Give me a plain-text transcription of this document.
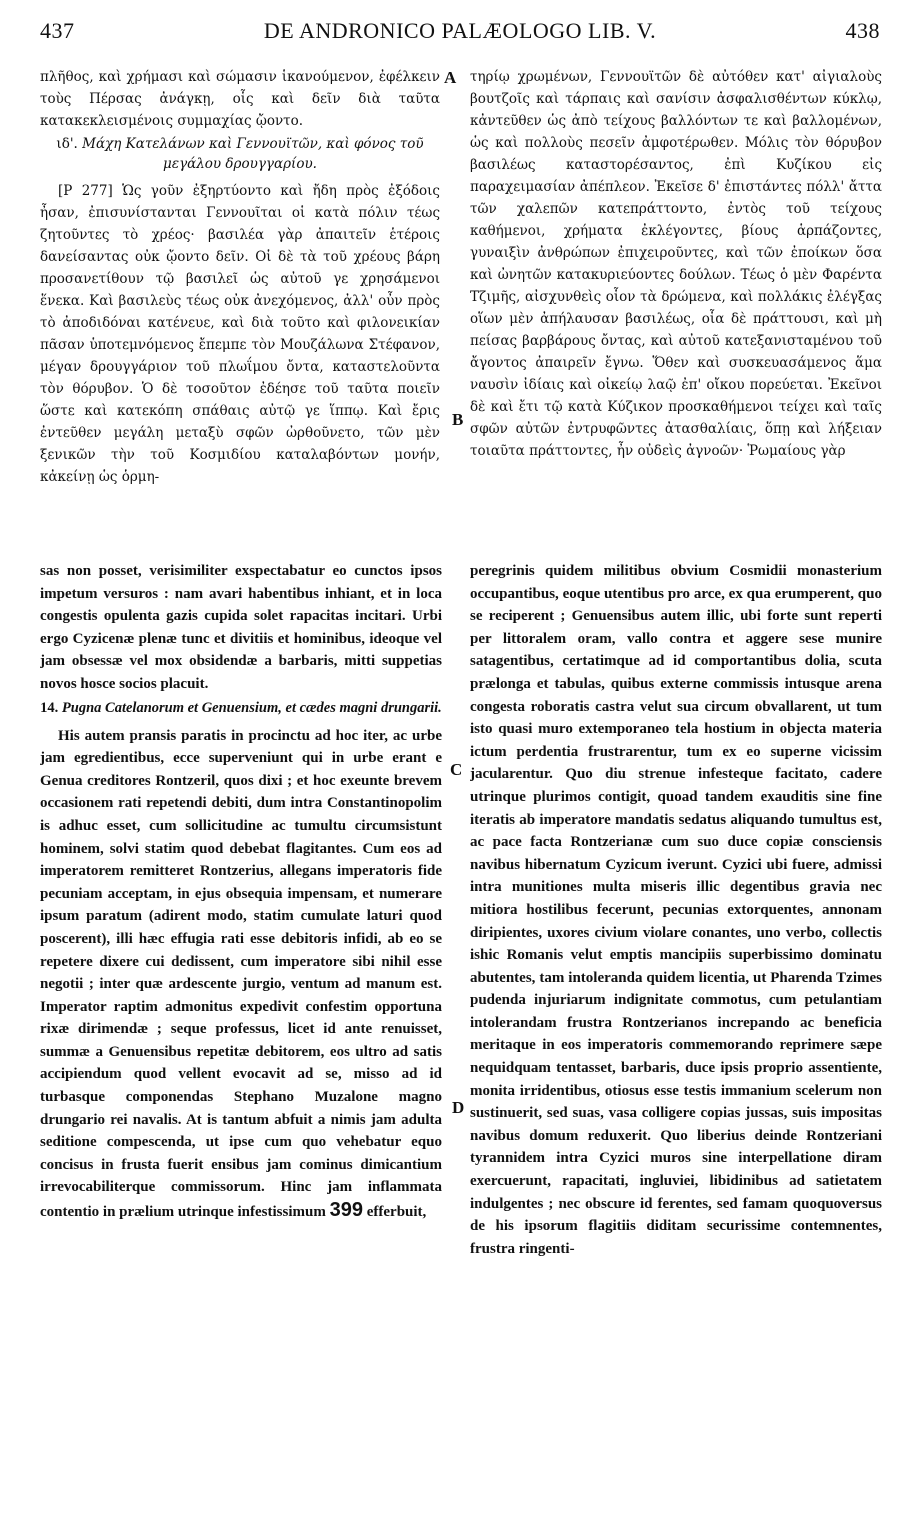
437	DE ANDRONICO PALÆOLOGO LIB. V.	438
A
B
C
D

πλῆθος, καὶ χρήμασι καὶ σώμασιν ἱκανούμενον, ἐφέλκειν τοὺς Πέρσας ἀνάγκῃ, οἷς καὶ δεῖν διὰ ταῦτα κατακεκλεισμένοις συμμαχίας ᾤοντο.

ιδ'. Μάχη Κατελάνων καὶ Γεννουϊτῶν, καὶ φόνος τοῦ μεγάλου δρουγγαρίου.

[P 277] Ὡς γοῦν ἐξηρτύοντο καὶ ἤδη πρὸς ἐξόδοις ἦσαν, ἐπισυνίστανται Γεννουῖται οἱ κατὰ πόλιν τέως ζητοῦντες τὸ χρέος· βασιλέα γὰρ ἀπαιτεῖν ἑτέροις δανείσαντας οὐκ ᾤοντο δεῖν. Οἱ δὲ τὰ τοῦ χρέους βάρη προσανετίθουν τῷ βασιλεῖ ὡς αὐτοῦ γε χρησάμενοι ἕνεκα. Καὶ βασιλεὺς τέως οὐκ ἀνεχόμενος, ἀλλ' οὖν πρὸς τὸ ἀποδιδόναι κατένευε, καὶ διὰ τοῦτο καὶ φιλονεικίαν πᾶσαν ὑποτεμνόμενος ἔπεμπε τὸν Μουζάλωνα Στέφανον, μέγαν δρουγγάριον τοῦ πλωΐμου ὄντα, καταστελοῦντα τὸν θόρυβον. Ὁ δὲ τοσοῦτον ἐδέησε τοῦ ταῦτα ποιεῖν ὥστε καὶ κατεκόπη σπάθαις αὐτῷ γε ἵππῳ. Καὶ ἔρις ἐντεῦθεν μεγάλη μεταξὺ σφῶν ὠρθοῦνετο, τῶν μὲν ξενικῶν τὴν τοῦ Κοσμιδίου καταλαβόντων μονήν, κἀκείνῃ ὡς ὁρμη-

τηρίῳ χρωμένων, Γεννουϊτῶν δὲ αὐτόθεν κατ' αἰγιαλοὺς βουτζοῖς καὶ τάρπαις καὶ σανίσιν ἀσφαλισθέντων κύκλῳ, κἀντεῦθεν ὡς ἀπὸ τείχους βαλλόντων τε καὶ βαλλομένων, ὡς καὶ πολλοὺς πεσεῖν ἀμφοτέρωθεν. Μόλις τὸν θόρυβον βασιλέως καταστορέσαντος, ἐπὶ Κυζίκου εἰς παραχειμασίαν ἀπέπλεον. Ἐκεῖσε δ' ἐπιστάντες πόλλ' ἄττα τῶν χαλεπῶν κατεπράττοντο, ἐντὸς τοῦ τείχους καθήμενοι, χρήματα ἐκλέγοντες, βίους ἁρπάζοντες, γυναιξὶν ἀνθρώπων ἐπιχειροῦντες, καὶ τῶν ἐποίκων ὅσα καὶ ὠνητῶν κατακυριεύοντες δούλων. Τέως ὁ μὲν Φαρέντα Τζιμῆς, αἰσχυνθεὶς οἷον τὰ δρώμενα, καὶ πολλάκις ἐλέγξας οἵων μὲν ἀπήλαυσαν βασιλέως, οἷα δὲ πράττουσι, καὶ μὴ πείσας βαρβάρους ὄντας, καὶ αὐτοῦ κατεξανισταμένου τοῦ ἄγοντος ἀπαιρεῖν ἔγνω. Ὅθεν καὶ συσκευασάμενος ἅμα ναυσὶν ἰδίαις καὶ οἰκείῳ λαῷ ἐπ' οἴκου πορεύεται. Ἐκεῖνοι δὲ καὶ ἔτι τῷ κατὰ Κύζικον προσκαθήμενοι τείχει καὶ ταῖς σφῶν αὐτῶν ἐντρυφῶντες ἀτασθαλίαις, ὅπῃ καὶ λήξειαν τοιαῦτα πράττοντες, ἦν οὐδεὶς ἀγνοῶν· Ῥωμαίους γὰρ

sas non posset, verisimiliter exspectabatur eo cunctos ipsos impetum versuros : nam avari habentibus inhiant, et in loca congestis opulenta gazis cupida solet rapacitas incitari. Urbi ergo Cyzicenæ plenæ tunc et divitiis et hominibus, ideoque vel jam obsessæ vel mox obsidendæ a barbaris, mitti suppetias novos hosce socios placuit.

14. Pugna Catelanorum et Genuensium, et cædes magni drungarii.

His autem pransis paratis in procinctu ad hoc iter, ac urbe jam egredientibus, ecce superveniunt qui in urbe erant e Genua creditores Rontzeril, quos dixi ; et hoc exeunte brevem occasionem rati repetendi debiti, dum intra Constantinopolim is adhuc esset, cum sollicitudine ac tumultu circumsistunt hominem, solvi statim quod debebat flagitantes. Cum eos ad imperatorem remitteret Rontzerius, allegans imperatoris fide pecuniam acceptam, in ejus obsequia impensam, et numerare ipsum paratum (adirent modo, statim cumulate laturi quod poscerent), illi hæc effugia rati esse debitoris infidi, ab eo se repetere dixere cui dedissent, cum imperatore sibi nihil esse negotii ; inter quæ ardescente jurgio, ventum ad manum est. Imperator raptim admonitus expedivit confestim opportuna rixæ dirimendæ ; seque professus, licet id ante renuisset, summæ a Genuensibus repetitæ debitorem, eos ultro ad satis accipiendum quod vellent evocavit ad se, misso ad id turbasque componendas Stephano Muzalone magno drungario rei navalis. At is tantum abfuit a nimis jam adulta seditione compescenda, ut ipse cum quo vehebatur equo concisus in frusta fuerit ensibus jam cominus dimicantium irrevocabiliterque commissorum. Hinc jam inflammata contentio in prælium utrinque infestissimum 399 efferbuit,

peregrinis quidem militibus obvium Cosmidii monasterium occupantibus, eoque utentibus pro arce, ex qua erumperent, quo se reciperent ; Genuensibus autem illic, ubi forte sunt reperti per littoralem oram, vallo contra et aggere sese munire satagentibus, certatimque ad id comportantibus dolia, scuta prælonga et tabulas, quibus externe commissis intusque arena congesta roboratis castra velut sua circum obvallarent, ut tum isto quasi muro extemporaneo tela hostium in objecta materia ictum perdentia frustrarentur, tum ex eo superne vicissim jacularentur. Quo diu strenue infesteque facitato, cadere utrinque plurimos contigit, quoad tandem exauditis sine fine iteratis ab imperatore mandatis sedatus aliquando tumultus est, ac pace facta Rontzerianæ cum suo duce copiæ consciensis navibus hibernatum Cyzicum iverunt. Cyzici ubi fuere, admissi intra munitiones multa miseris illic degentibus gravia nec mitiora hostilibus fecerunt, pecunias extorquentes, annonam diripientes, uxores civium violare conantes, uno verbo, collectis ishic Romanis velut emptis mancipiis superbissimo dominatu abutentes, tam intoleranda quidem licentia, ut Pharenda Tzimes pudenda injuriarum indignitate commotus, cum petulantiam intolerandam frustra Rontzerianos increpando ac beneficia meritaque in eos imperatoris commemorando reprimere sæpe nequidquam tentasset, barbaris, duce ipsis proprio assentiente, monita irridentibus, otiosus esse testis immanium scelerum non sustinuerit, sed suas, vasa colligere copias jussas, suis impositas navibus domum reduxerit. Quo liberius deinde Rontzeriani tyrannidem intra Cyzici muros sine interpellatione diram exercuerunt, rapacitati, ingluviei, libidinibus ad satietatem indulgentes ; nec obscure id ferentes, sed famam quoquoversus de his ipsorum flagitiis diditam securissime contemnentes, frustra ringenti-
